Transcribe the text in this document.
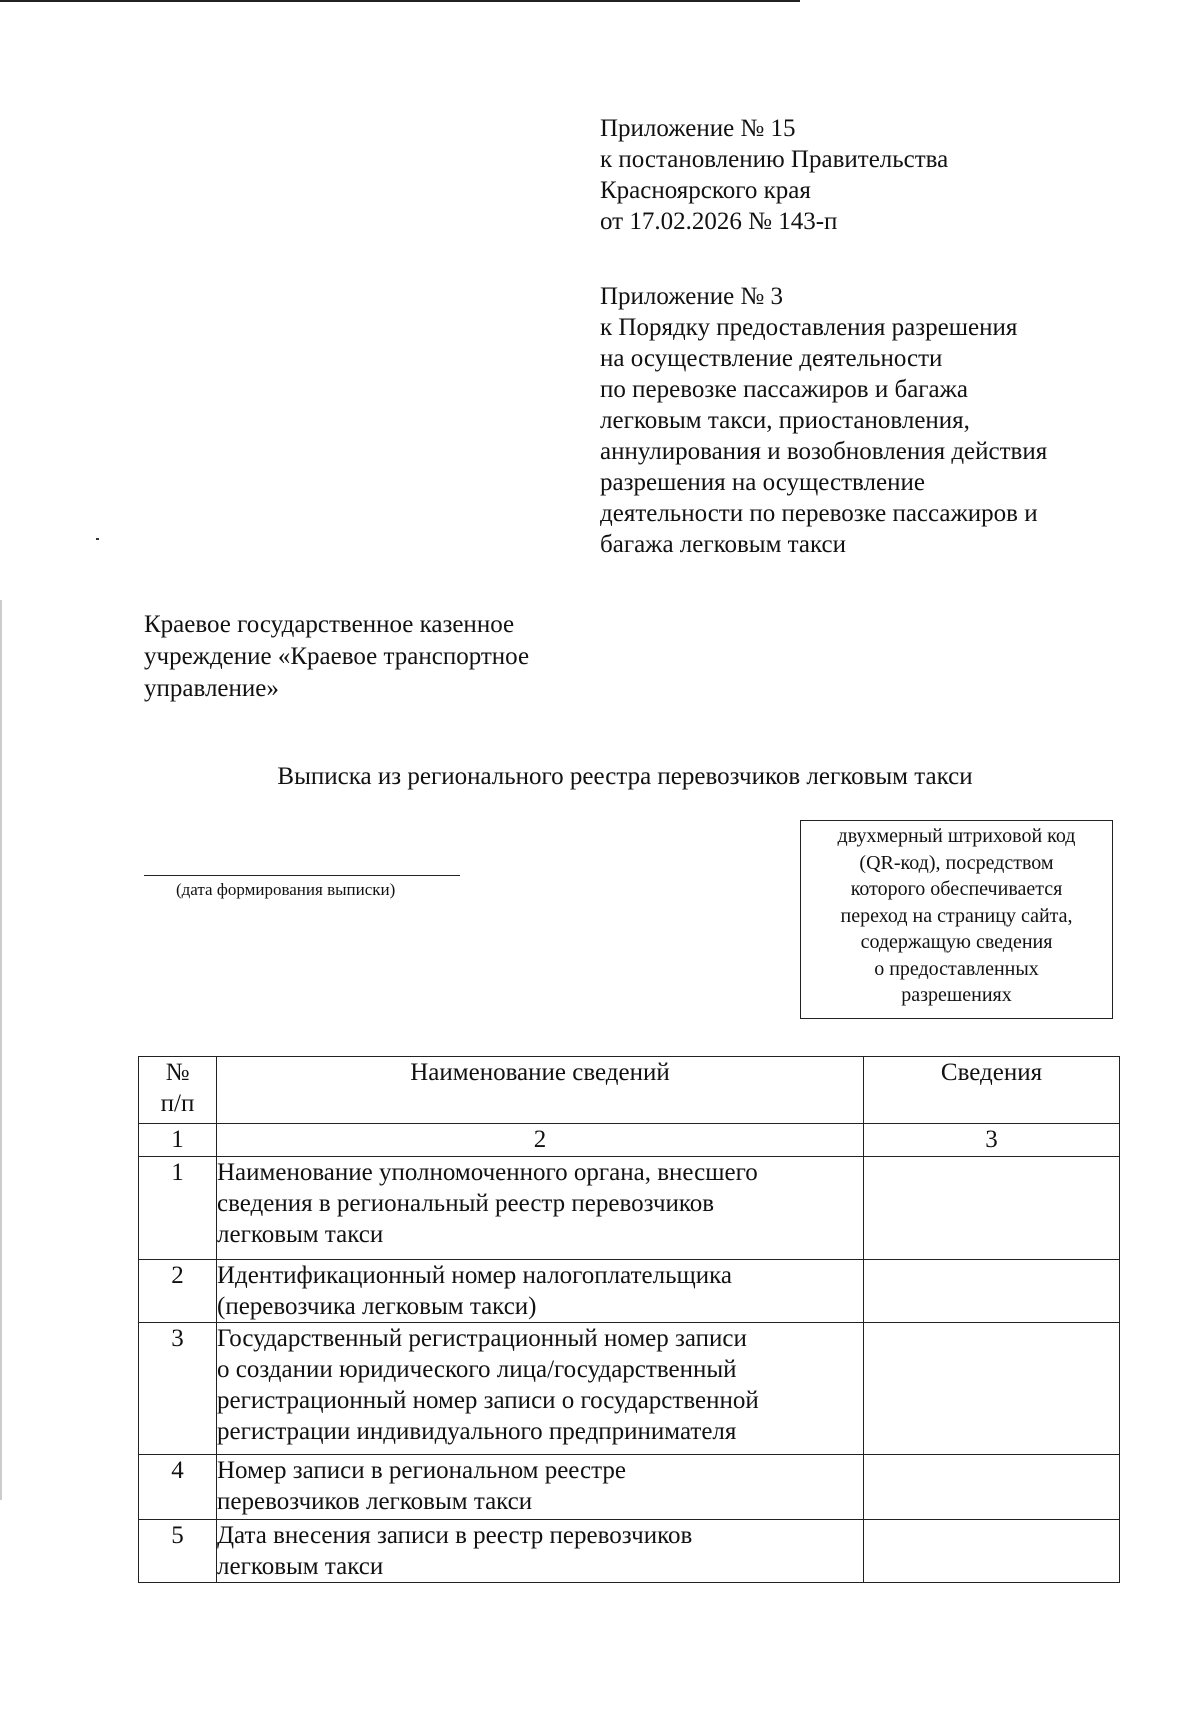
Приложение № 15
к постановлению Правительства
Красноярского края
от 17.02.2026 № 143-п
Приложение № 3
к Порядку предоставления разрешения
на осуществление деятельности
по перевозке пассажиров и багажа
легковым такси, приостановления,
аннулирования и возобновления действия
разрешения на осуществление
деятельности по перевозке пассажиров и
багажа легковым такси
Краевое государственное казенное
учреждение «Краевое транспортное
управление»
Выписка из регионального реестра перевозчиков легковым такси
(дата формирования выписки)
двухмерный штриховой код
(QR-код), посредством
которого обеспечивается
переход на страницу сайта,
содержащую сведения
о предоставленных
разрешениях
№
п/п	Наименование сведений	Сведения
1	2	3
1	Наименование уполномоченного органа, внесшего
сведения в региональный реестр перевозчиков
легковым такси	

2	Идентификационный номер налогоплательщика
(перевозчика легковым такси)	

3	Государственный регистрационный номер записи
о создании юридического лица/государственный
регистрационный номер записи о государственной
регистрации индивидуального предпринимателя	

4	Номер записи в региональном реестре
перевозчиков легковым такси	

5	Дата внесения записи в реестр перевозчиков
легковым такси	
